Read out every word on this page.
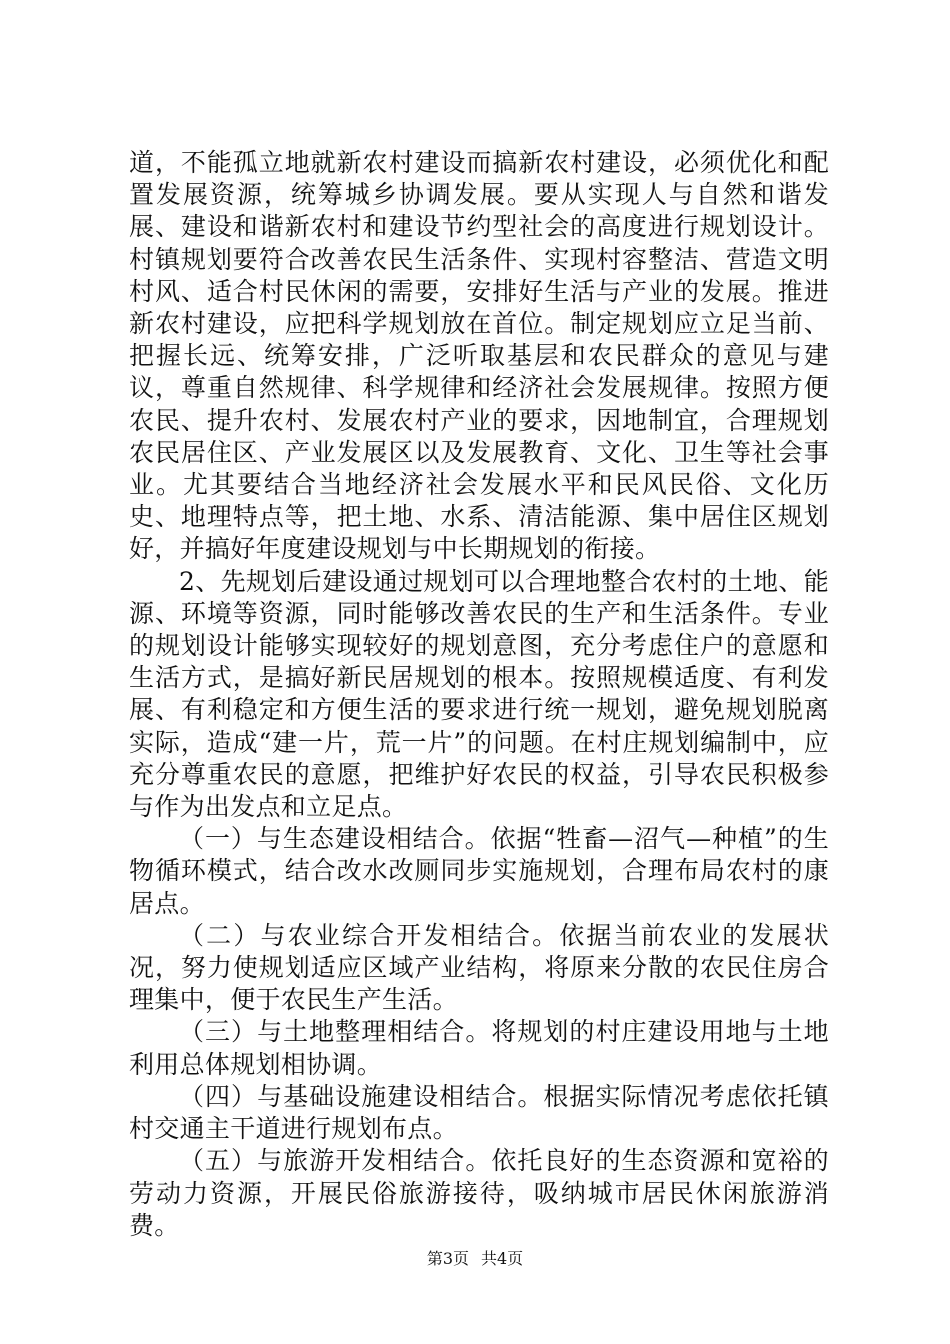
道，不能孤立地就新农村建设而搞新农村建设，必须优化和配置发展资源，统筹城乡协调发展。要从实现人与自然和谐发展、建设和谐新农村和建设节约型社会的高度进行规划设计。村镇规划要符合改善农民生活条件、实现村容整洁、营造文明村风、适合村民休闲的需要，安排好生活与产业的发展。推进新农村建设，应把科学规划放在首位。制定规划应立足当前、把握长远、统筹安排，广泛听取基层和农民群众的意见与建议，尊重自然规律、科学规律和经济社会发展规律。按照方便农民、提升农村、发展农村产业的要求，因地制宜，合理规划农民居住区、产业发展区以及发展教育、文化、卫生等社会事业。尤其要结合当地经济社会发展水平和民风民俗、文化历史、地理特点等，把土地、水系、清洁能源、集中居住区规划好，并搞好年度建设规划与中长期规划的衔接。

2、先规划后建设通过规划可以合理地整合农村的土地、能源、环境等资源，同时能够改善农民的生产和生活条件。专业的规划设计能够实现较好的规划意图，充分考虑住户的意愿和生活方式，是搞好新民居规划的根本。按照规模适度、有利发展、有利稳定和方便生活的要求进行统一规划，避免规划脱离实际，造成“建一片，荒一片”的问题。在村庄规划编制中，应充分尊重农民的意愿，把维护好农民的权益，引导农民积极参与作为出发点和立足点。

（一）与生态建设相结合。依据“牲畜—沼气—种植”的生物循环模式，结合改水改厕同步实施规划，合理布局农村的康居点。

（二）与农业综合开发相结合。依据当前农业的发展状况，努力使规划适应区域产业结构，将原来分散的农民住房合理集中，便于农民生产生活。

（三）与土地整理相结合。将规划的村庄建设用地与土地利用总体规划相协调。

（四）与基础设施建设相结合。根据实际情况考虑依托镇村交通主干道进行规划布点。

（五）与旅游开发相结合。依托良好的生态资源和宽裕的劳动力资源，开展民俗旅游接待，吸纳城市居民休闲旅游消费。

第3页 共4页
